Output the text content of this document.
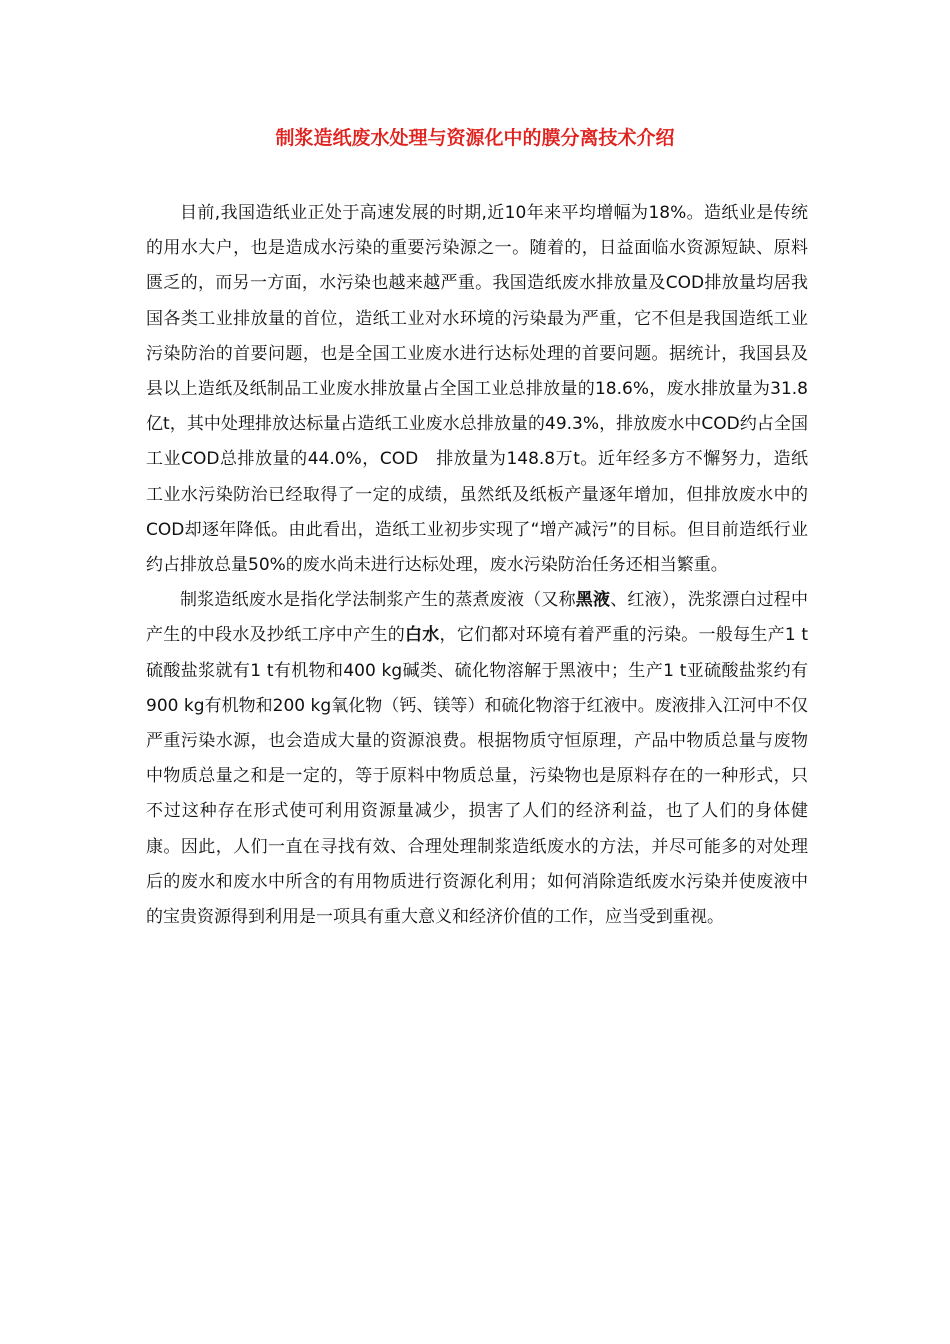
制浆造纸废水处理与资源化中的膜分离技术介绍

目前,我国造纸业正处于高速发展的时期,近10年来平均增幅为18%。造纸业是传统的用水大户，也是造成水污染的重要污染源之一。随着的，日益面临水资源短缺、原料匮乏的，而另一方面，水污染也越来越严重。我国造纸废水排放量及COD排放量均居我国各类工业排放量的首位，造纸工业对水环境的污染最为严重，它不但是我国造纸工业污染防治的首要问题，也是全国工业废水进行达标处理的首要问题。据统计，我国县及县以上造纸及纸制品工业废水排放量占全国工业总排放量的18.6%，废水排放量为31.8亿t，其中处理排放达标量占造纸工业废水总排放量的49.3%，排放废水中COD约占全国工业COD总排放量的44.0%，COD　排放量为148.8万t。近年经多方不懈努力，造纸工业水污染防治已经取得了一定的成绩，虽然纸及纸板产量逐年增加，但排放废水中的COD却逐年降低。由此看出，造纸工业初步实现了“增产减污”的目标。但目前造纸行业约占排放总量50%的废水尚未进行达标处理，废水污染防治任务还相当繁重。

制浆造纸废水是指化学法制浆产生的蒸煮废液（又称黑液、红液），洗浆漂白过程中产生的中段水及抄纸工序中产生的白水，它们都对环境有着严重的污染。一般每生产1 t硫酸盐浆就有1 t有机物和400 kg碱类、硫化物溶解于黑液中；生产1 t亚硫酸盐浆约有900 kg有机物和200 kg氧化物（钙、镁等）和硫化物溶于红液中。废液排入江河中不仅严重污染水源，也会造成大量的资源浪费。根据物质守恒原理，产品中物质总量与废物中物质总量之和是一定的，等于原料中物质总量，污染物也是原料存在的一种形式，只不过这种存在形式使可利用资源量减少，损害了人们的经济利益，也了人们的身体健康。因此，人们一直在寻找有效、合理处理制浆造纸废水的方法，并尽可能多的对处理后的废水和废水中所含的有用物质进行资源化利用；如何消除造纸废水污染并使废液中的宝贵资源得到利用是一项具有重大意义和经济价值的工作，应当受到重视。
